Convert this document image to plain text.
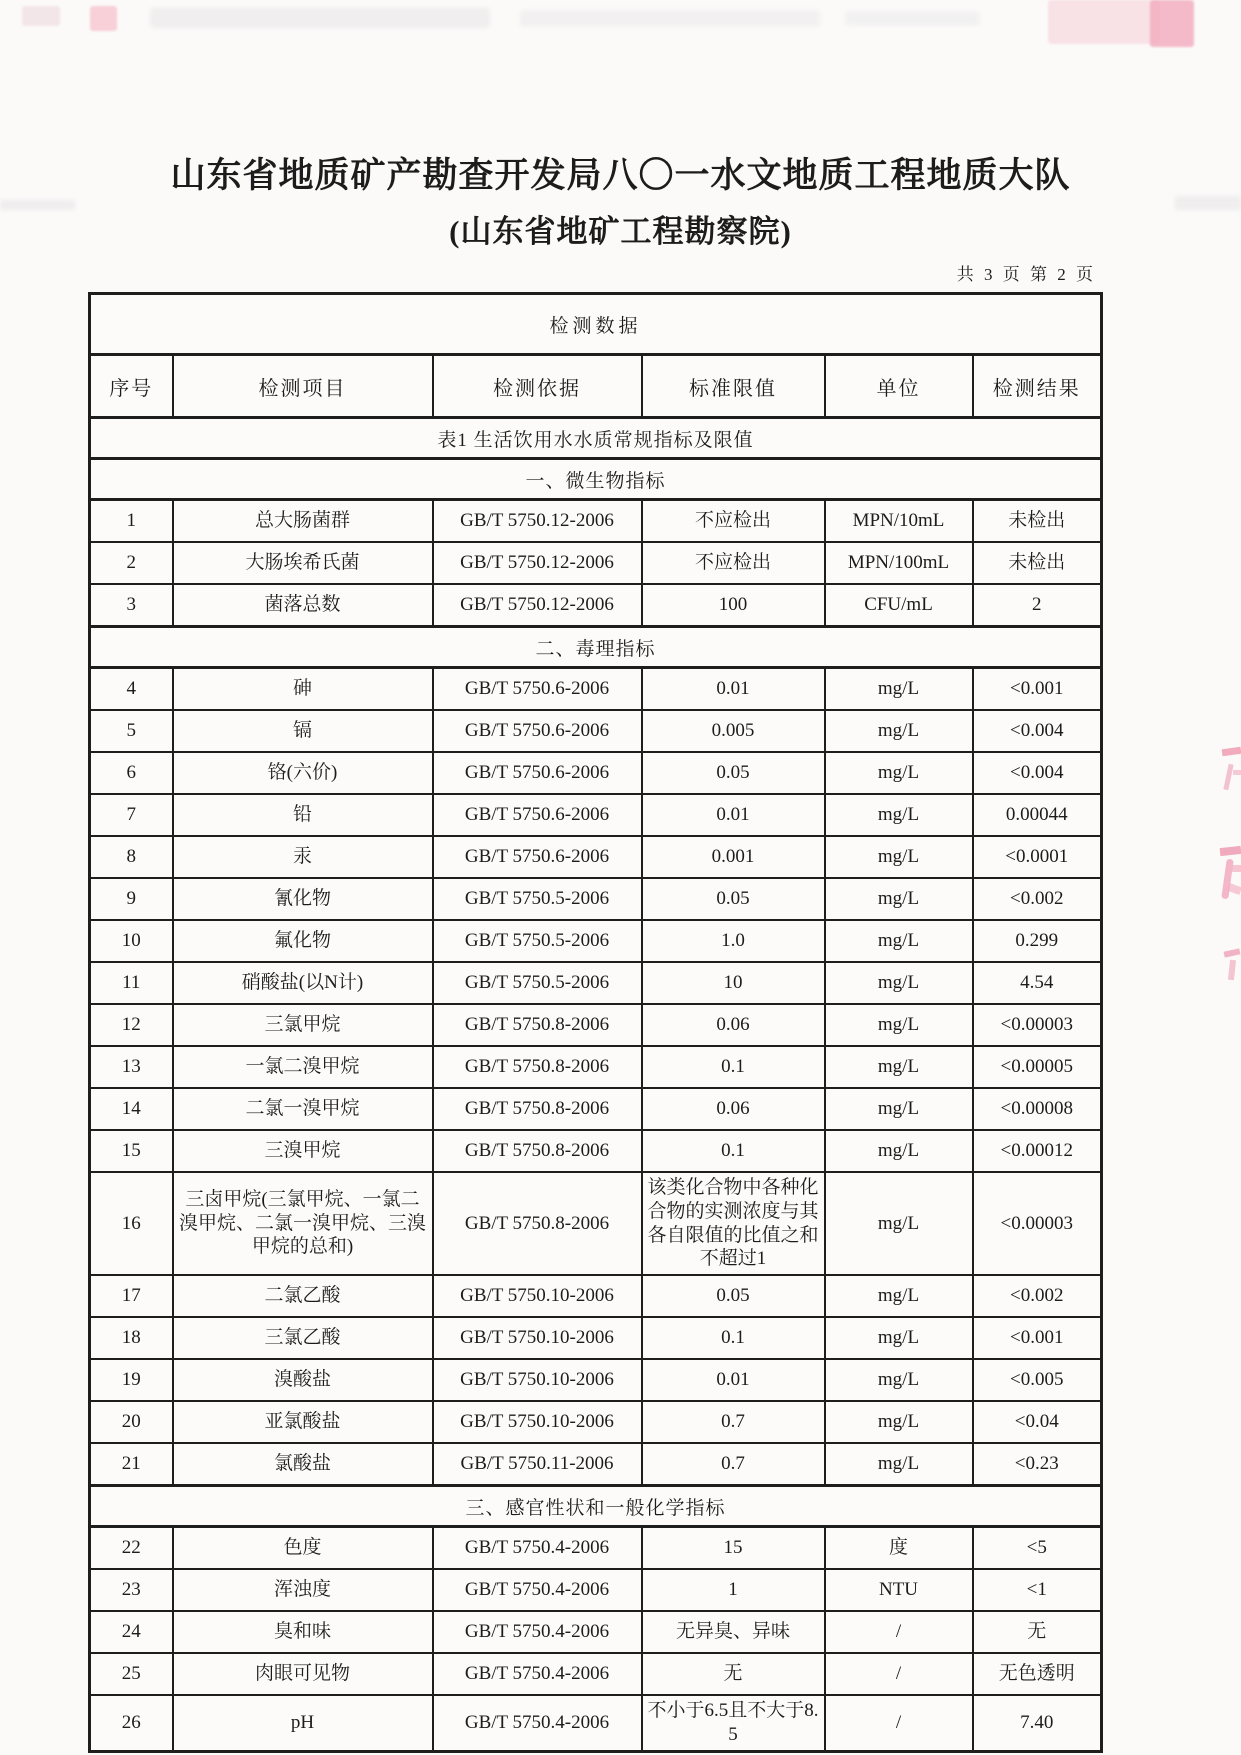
山东省地质矿产勘查开发局八〇一水文地质工程地质大队
(山东省地矿工程勘察院)
共 3 页 第 2 页
检测数据					
序号	检测项目	检测依据	标准限值	单位	检测结果
表1 生活饮用水水质常规指标及限值					
一、微生物指标					
1	总大肠菌群	GB/T 5750.12-2006	不应检出	MPN/10mL	未检出
2	大肠埃希氏菌	GB/T 5750.12-2006	不应检出	MPN/100mL	未检出
3	菌落总数	GB/T 5750.12-2006	100	CFU/mL	2
二、毒理指标					
4	砷	GB/T 5750.6-2006	0.01	mg/L	<0.001
5	镉	GB/T 5750.6-2006	0.005	mg/L	<0.004
6	铬(六价)	GB/T 5750.6-2006	0.05	mg/L	<0.004
7	铅	GB/T 5750.6-2006	0.01	mg/L	0.00044
8	汞	GB/T 5750.6-2006	0.001	mg/L	<0.0001
9	氰化物	GB/T 5750.5-2006	0.05	mg/L	<0.002
10	氟化物	GB/T 5750.5-2006	1.0	mg/L	0.299
11	硝酸盐(以N计)	GB/T 5750.5-2006	10	mg/L	4.54
12	三氯甲烷	GB/T 5750.8-2006	0.06	mg/L	<0.00003
13	一氯二溴甲烷	GB/T 5750.8-2006	0.1	mg/L	<0.00005
14	二氯一溴甲烷	GB/T 5750.8-2006	0.06	mg/L	<0.00008
15	三溴甲烷	GB/T 5750.8-2006	0.1	mg/L	<0.00012
16	三卤甲烷(三氯甲烷、一氯二溴甲烷、二氯一溴甲烷、三溴甲烷的总和)	GB/T 5750.8-2006	该类化合物中各种化合物的实测浓度与其各自限值的比值之和不超过1	mg/L	<0.00003
17	二氯乙酸	GB/T 5750.10-2006	0.05	mg/L	<0.002
18	三氯乙酸	GB/T 5750.10-2006	0.1	mg/L	<0.001
19	溴酸盐	GB/T 5750.10-2006	0.01	mg/L	<0.005
20	亚氯酸盐	GB/T 5750.10-2006	0.7	mg/L	<0.04
21	氯酸盐	GB/T 5750.11-2006	0.7	mg/L	<0.23
三、感官性状和一般化学指标					
22	色度	GB/T 5750.4-2006	15	度	<5
23	浑浊度	GB/T 5750.4-2006	1	NTU	<1
24	臭和味	GB/T 5750.4-2006	无异臭、异味	/	无
25	肉眼可见物	GB/T 5750.4-2006	无	/	无色透明
26	pH	GB/T 5750.4-2006	不小于6.5且不大于8.5	/	7.40
